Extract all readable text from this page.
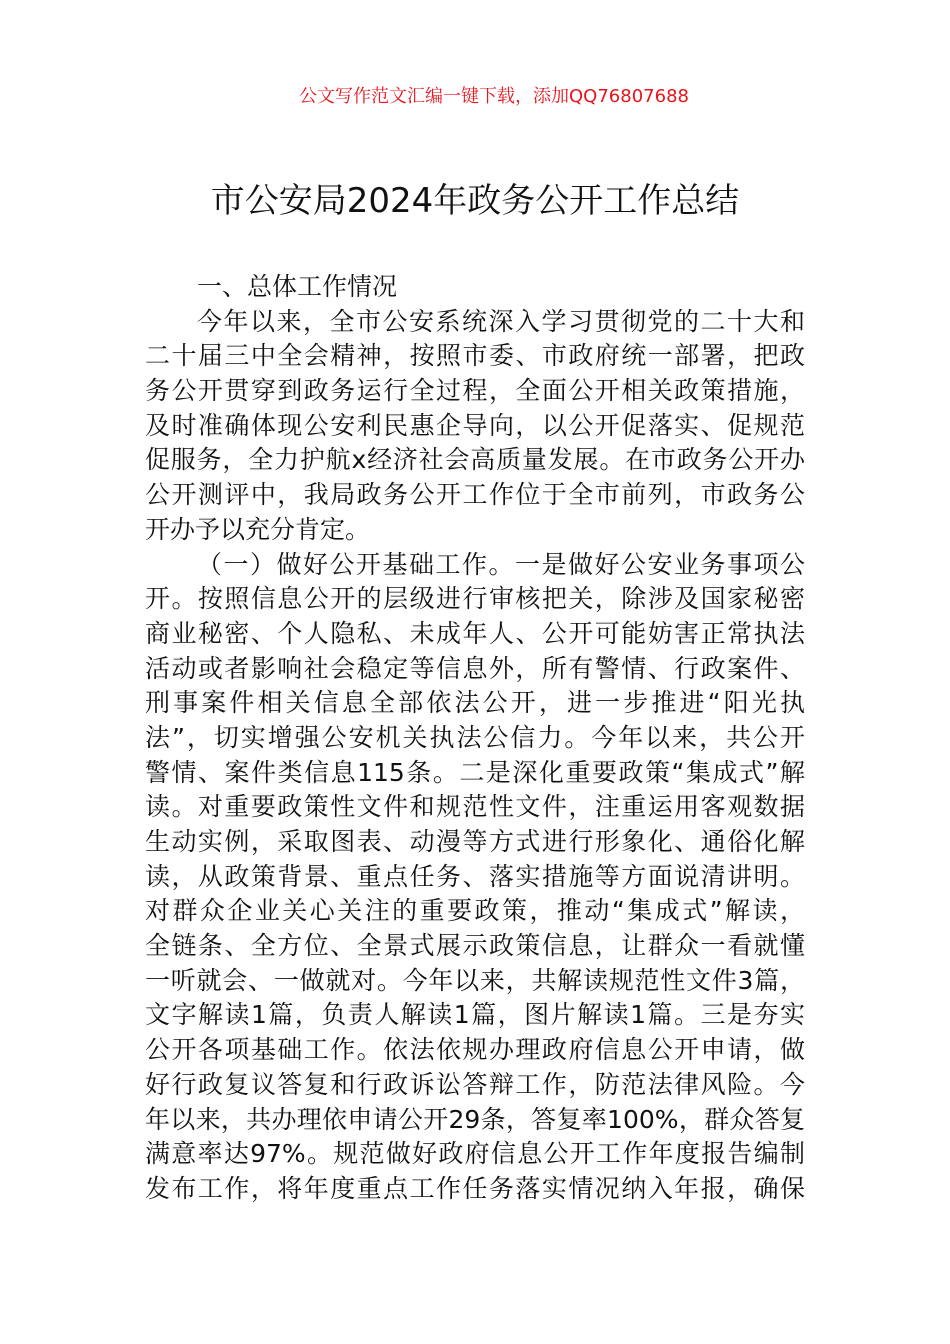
公文写作范文汇编一键下载，添加QQ76807688
市公安局2024年政务公开工作总结
一、总体工作情况
今年以来，全市公安系统深入学习贯彻党的二十大和
二十届三中全会精神，按照市委、市政府统一部署，把政
务公开贯穿到政务运行全过程，全面公开相关政策措施，
及时准确体现公安利民惠企导向，以公开促落实、促规范
促服务，全力护航x经济社会高质量发展。在市政务公开办
公开测评中，我局政务公开工作位于全市前列，市政务公
开办予以充分肯定。
（一）做好公开基础工作。一是做好公安业务事项公
开。按照信息公开的层级进行审核把关，除涉及国家秘密
商业秘密、个人隐私、未成年人、公开可能妨害正常执法
活动或者影响社会稳定等信息外，所有警情、行政案件、
刑事案件相关信息全部依法公开，进一步推进“阳光执
法”，切实增强公安机关执法公信力。今年以来，共公开
警情、案件类信息115条。二是深化重要政策“集成式”解
读。对重要政策性文件和规范性文件，注重运用客观数据
生动实例，采取图表、动漫等方式进行形象化、通俗化解
读，从政策背景、重点任务、落实措施等方面说清讲明。
对群众企业关心关注的重要政策，推动“集成式”解读，
全链条、全方位、全景式展示政策信息，让群众一看就懂
一听就会、一做就对。今年以来，共解读规范性文件3篇，
文字解读1篇，负责人解读1篇，图片解读1篇。三是夯实
公开各项基础工作。依法依规办理政府信息公开申请，做
好行政复议答复和行政诉讼答辩工作，防范法律风险。今
年以来，共办理依申请公开29条，答复率100%，群众答复
满意率达97%。规范做好政府信息公开工作年度报告编制
发布工作，将年度重点工作任务落实情况纳入年报，确保
